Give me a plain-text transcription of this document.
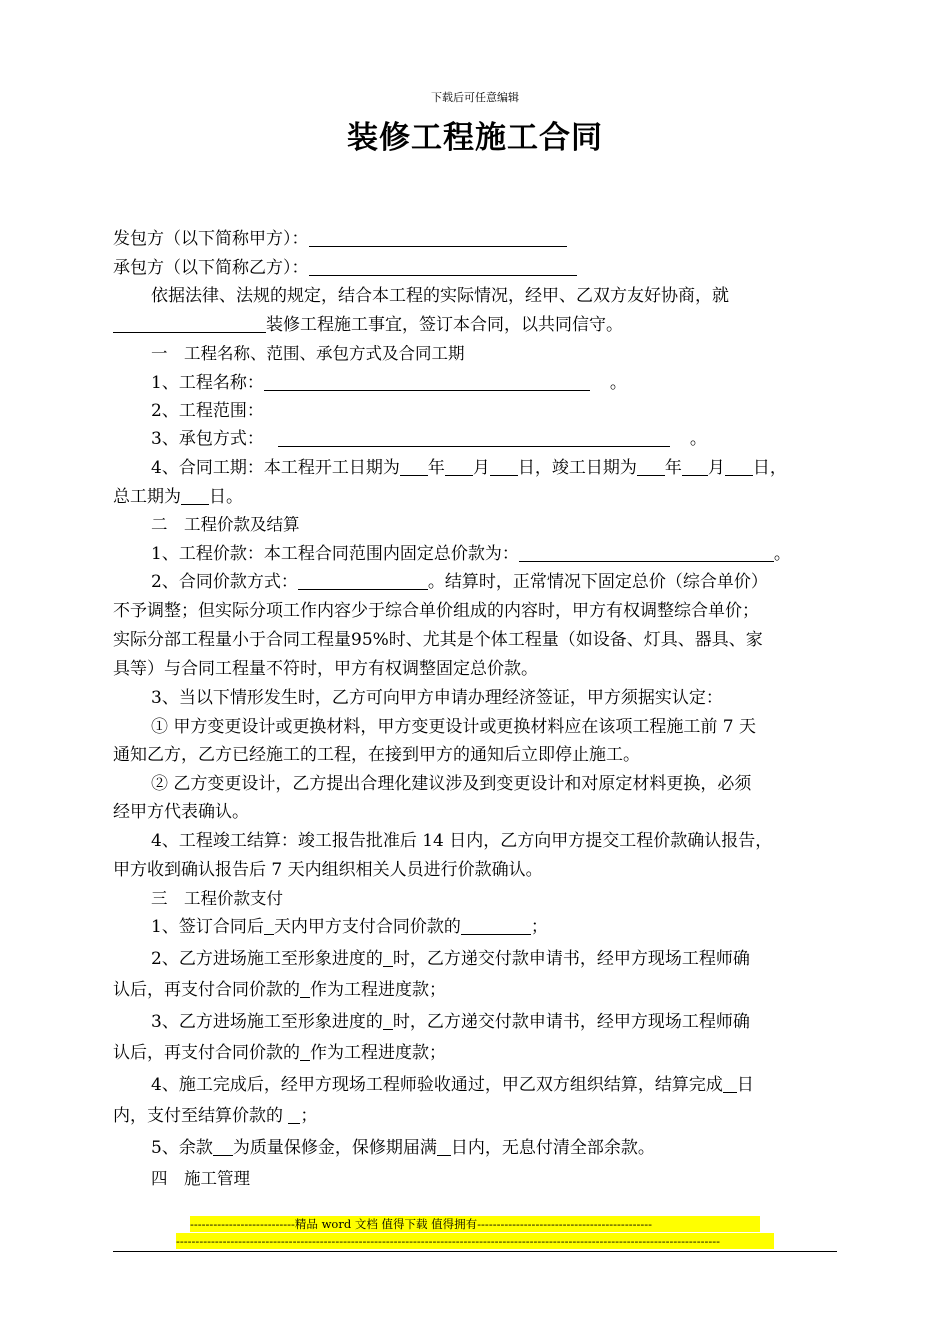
下载后可任意编辑
装修工程施工合同
发包方（以下简称甲方）：
承包方（以下简称乙方）：
依据法律、法规的规定，结合本工程的实际情况，经甲、乙双方友好协商，就
装修工程施工事宜，签订本合同，以共同信守。
一　工程名称、范围、承包方式及合同工期
1、工程名称：	。
2、工程范围：
3、承包方式：	。
4、合同工期：本工程开工日期为 年 月 日，竣工日期为 年 月 日，
总工期为 日。
二　工程价款及结算
1、工程价款：本工程合同范围内固定总价款为：	。
2、合同价款方式：	。结算时，正常情况下固定总价（综合单价）
不予调整；但实际分项工作内容少于综合单价组成的内容时，甲方有权调整综合单价；
实际分部工程量小于合同工程量95%时、尤其是个体工程量（如设备、灯具、器具、家
具等）与合同工程量不符时，甲方有权调整固定总价款。
3、当以下情形发生时，乙方可向甲方申请办理经济签证，甲方须据实认定：
① 甲方变更设计或更换材料，甲方变更设计或更换材料应在该项工程施工前 7 天
通知乙方，乙方已经施工的工程，在接到甲方的通知后立即停止施工。
② 乙方变更设计，乙方提出合理化建议涉及到变更设计和对原定材料更换，必须
经甲方代表确认。
4、工程竣工结算：竣工报告批准后 14 日内，乙方向甲方提交工程价款确认报告，
甲方收到确认报告后 7 天内组织相关人员进行价款确认。
三　工程价款支付
1、签订合同后 天内甲方支付合同价款的	；
2、乙方进场施工至形象进度的 时，乙方递交付款申请书，经甲方现场工程师确
认后，再支付合同价款的 作为工程进度款；
3、乙方进场施工至形象进度的 时，乙方递交付款申请书，经甲方现场工程师确
认后，再支付合同价款的 作为工程进度款；
4、施工完成后，经甲方现场工程师验收通过，甲乙双方组织结算，结算完成 日
内，支付至结算价款的 ；
5、余款 为质量保修金，保修期届满 日内，无息付清全部余款。
四　施工管理
---------------------------精品 word 文档 值得下载 值得拥有---------------------------------------------
--------------------------------------------------------------------------------------------------------------------------------------------
